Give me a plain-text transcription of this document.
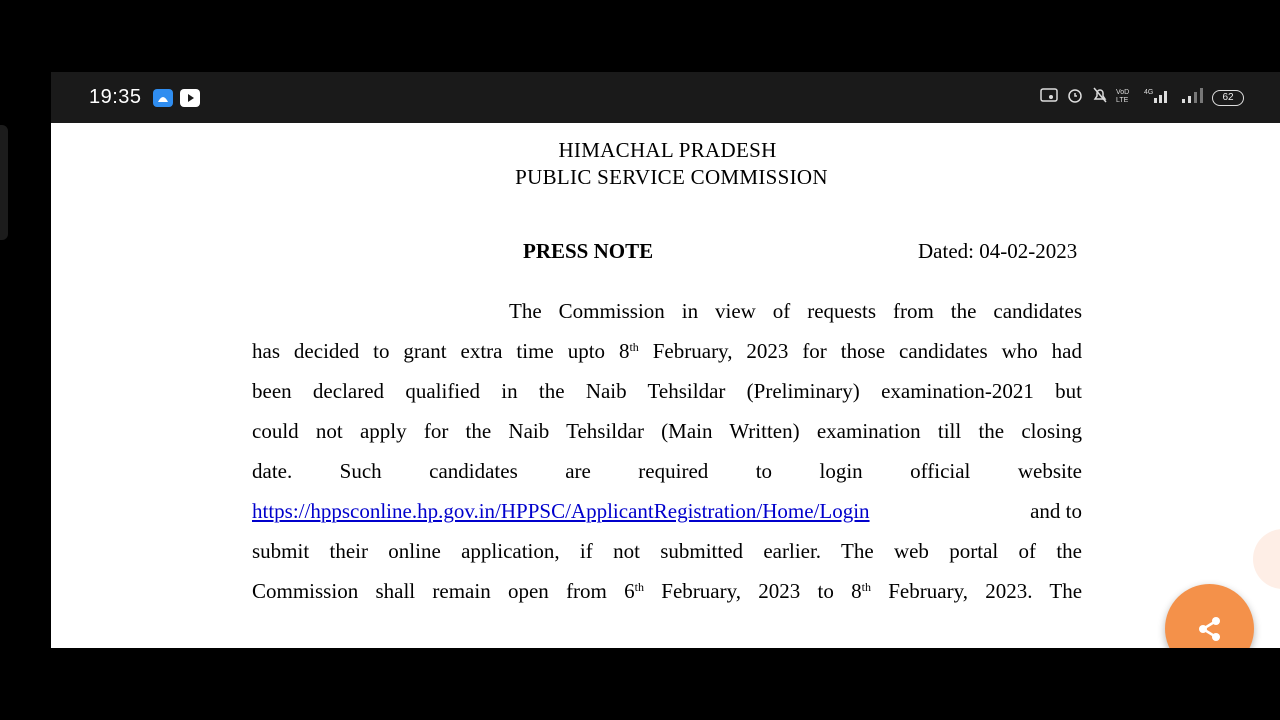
19:35	VoD
LTE
4G	62
HIMACHAL PRADESH
PUBLIC SERVICE COMMISSION
PRESS NOTE	Dated: 04-02-2023
The Commission in view of requests from the candidates
has decided to grant extra time upto 8th February, 2023 for those candidates who had
been declared qualified in the Naib Tehsildar (Preliminary) examination-2021 but
could not apply for the Naib Tehsildar (Main Written) examination till the closing
date. Such candidates are required to login official website
https://hppsconline.hp.gov.in/HPPSC/ApplicantRegistration/Home/Login	and to
submit their online application, if not submitted earlier. The web portal of the
Commission shall remain open from 6th February, 2023 to 8th February, 2023. The
